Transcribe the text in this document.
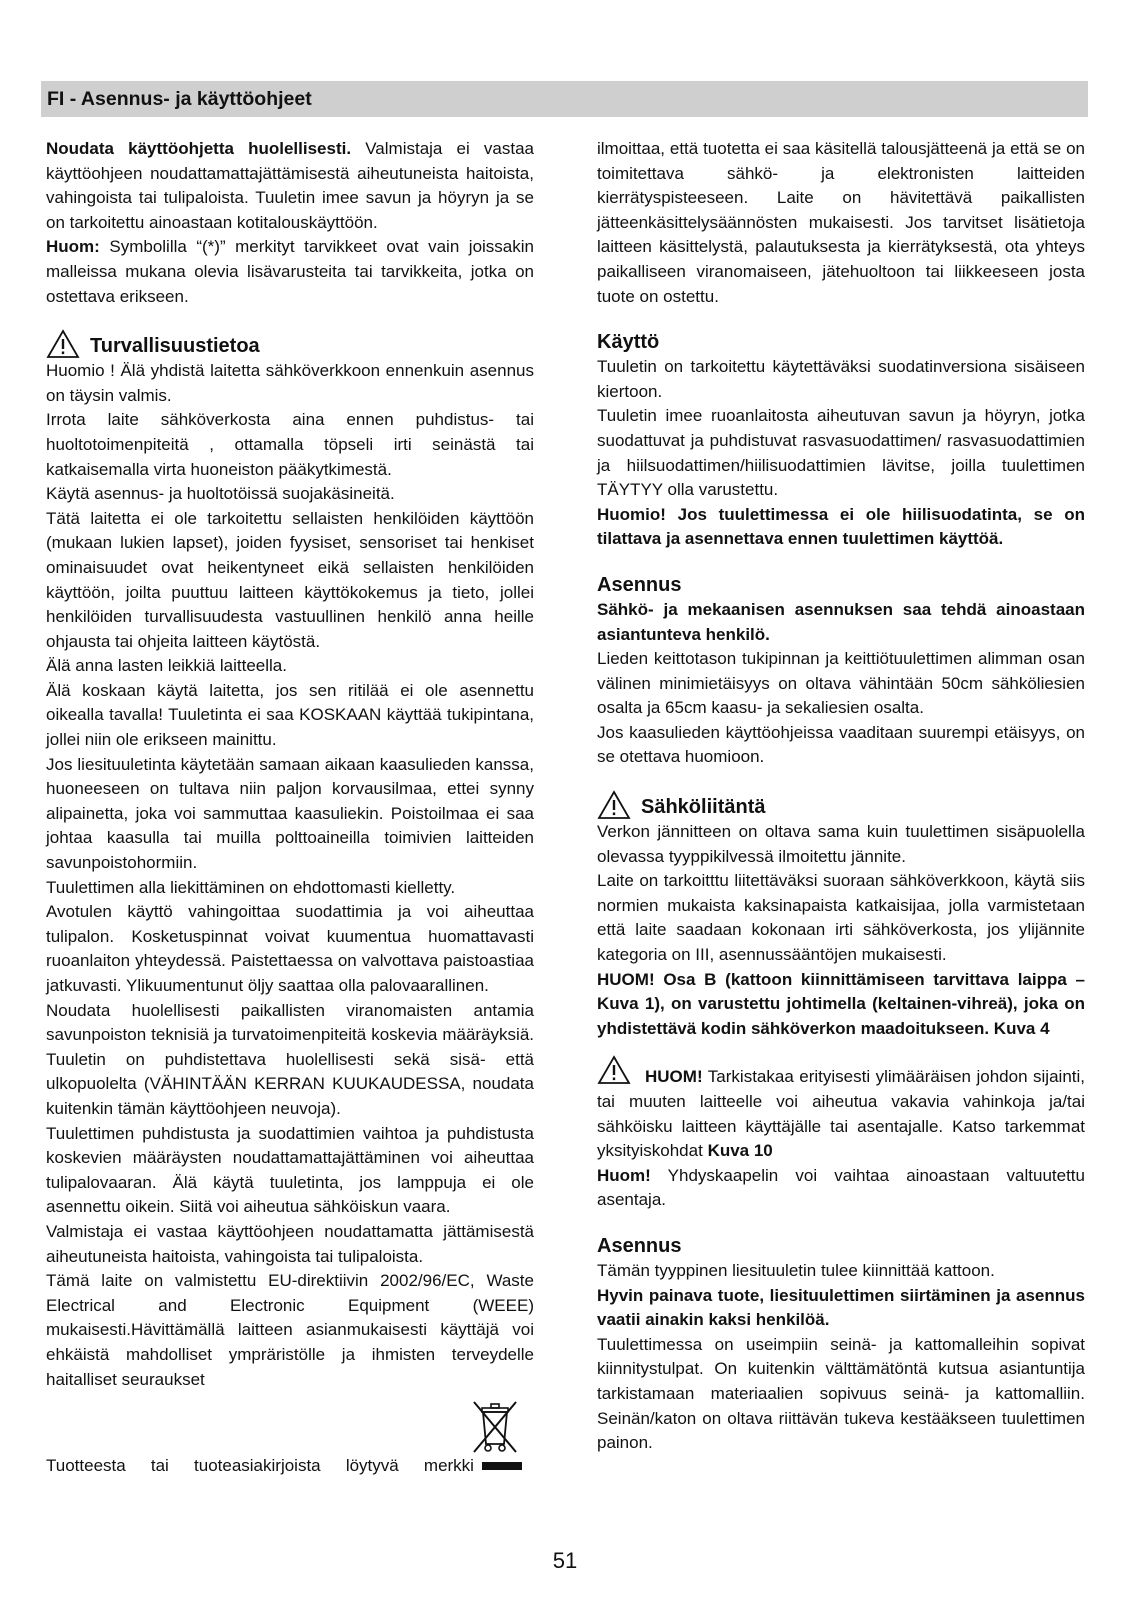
FI - Asennus- ja käyttöohjeet

Noudata käyttöohjetta huolellisesti. Valmistaja ei vastaa käyttöohjeen noudattamattajättämisestä aiheutuneista haitoista, vahingoista tai tulipaloista. Tuuletin imee savun ja höyryn ja se on tarkoitettu ainoastaan kotitalouskäyttöön.

Huom: Symbolilla “(*)” merkityt tarvikkeet ovat vain joissakin malleissa mukana olevia lisävarusteita tai tarvikkeita, jotka on ostettava erikseen.

Turvallisuustietoa

Huomio ! Älä yhdistä laitetta sähköverkkoon ennenkuin asennus on täysin valmis.

Irrota laite sähköverkosta aina ennen puhdistus- tai huoltotoimenpiteitä , ottamalla töpseli irti seinästä tai katkaisemalla virta huoneiston pääkytkimestä.

Käytä asennus- ja huoltotöissä suojakäsineitä.

Tätä laitetta ei ole tarkoitettu sellaisten henkilöiden käyttöön (mukaan lukien lapset), joiden fyysiset, sensoriset tai henkiset ominaisuudet ovat heikentyneet eikä sellaisten henkilöiden käyttöön, joilta puuttuu laitteen käyttökokemus ja tieto, jollei henkilöiden turvallisuudesta vastuullinen henkilö anna heille ohjausta tai ohjeita laitteen käytöstä.

Älä anna lasten leikkiä laitteella.

Älä koskaan käytä laitetta, jos sen ritilää ei ole asennettu oikealla tavalla! Tuuletinta ei saa KOSKAAN käyttää tukipintana, jollei niin ole erikseen mainittu.

Jos liesituuletinta käytetään samaan aikaan kaasulieden kanssa, huoneeseen on tultava niin paljon korvausilmaa, ettei synny alipainetta, joka voi sammuttaa kaasuliekin. Poistoilmaa ei saa johtaa kaasulla tai muilla polttoaineilla toimivien laitteiden savunpoistohormiin.

Tuulettimen alla liekittäminen on ehdottomasti kielletty.

Avotulen käyttö vahingoittaa suodattimia ja voi aiheuttaa tulipalon. Kosketuspinnat voivat kuumentua huomattavasti ruoanlaiton yhteydessä. Paistettaessa on valvottava paistoastiaa jatkuvasti. Ylikuumentunut öljy saattaa olla palovaarallinen.

Noudata huolellisesti paikallisten viranomaisten antamia savunpoiston teknisiä ja turvatoimenpiteitä koskevia määräyksiä. Tuuletin on puhdistettava huolellisesti sekä sisä- että ulkopuolelta (VÄHINTÄÄN KERRAN KUUKAUDESSA, noudata kuitenkin tämän käyttöohjeen neuvoja).

Tuulettimen puhdistusta ja suodattimien vaihtoa ja puhdistusta koskevien määräysten noudattamattajättäminen voi aiheuttaa tulipalovaaran. Älä käytä tuuletinta, jos lamppuja ei ole asennettu oikein. Siitä voi aiheutua sähköiskun vaara.

Valmistaja ei vastaa käyttöohjeen noudattamatta jättämisestä aiheutuneista haitoista, vahingoista tai tulipaloista.

Tämä laite on valmistettu EU-direktiivin 2002/96/EC, Waste Electrical and Electronic Equipment (WEEE) mukaisesti.Hävittämällä laitteen asianmukaisesti käyttäjä voi ehkäistä mahdolliset ympräristölle ja ihmisten terveydelle haitalliset seuraukset

Tuotteesta tai tuoteasiakirjoista löytyvä merkki

ilmoittaa, että tuotetta ei saa käsitellä talousjätteenä ja että se on toimitettava sähkö- ja elektronisten laitteiden kierrätyspisteeseen. Laite on hävitettävä paikallisten jätteenkäsittelysäännösten mukaisesti. Jos tarvitset lisätietoja laitteen käsittelystä, palautuksesta ja kierrätyksestä, ota yhteys paikalliseen viranomaiseen, jätehuoltoon tai liikkeeseen josta tuote on ostettu.

Käyttö

Tuuletin on tarkoitettu käytettäväksi suodatinversiona sisäiseen kiertoon.

Tuuletin imee ruoanlaitosta aiheutuvan savun ja höyryn, jotka suodattuvat ja puhdistuvat rasvasuodattimen/ rasvasuodattimien ja hiilsuodattimen/hiilisuodattimien lävitse, joilla tuulettimen TÄYTYY olla varustettu.

Huomio! Jos tuulettimessa ei ole hiilisuodatinta, se on tilattava ja asennettava ennen tuulettimen käyttöä.

Asennus

Sähkö- ja mekaanisen asennuksen saa tehdä ainoastaan asiantunteva henkilö.

Lieden keittotason tukipinnan ja keittiötuulettimen alimman osan välinen minimietäisyys on oltava vähintään 50cm sähköliesien osalta ja 65cm kaasu- ja sekaliesien osalta.

Jos kaasulieden käyttöohjeissa vaaditaan suurempi etäisyys, on se otettava huomioon.

Sähköliitäntä

Verkon jännitteen on oltava sama kuin tuulettimen sisäpuolella olevassa tyyppikilvessä ilmoitettu jännite.

Laite on tarkoitttu liitettäväksi suoraan sähköverkkoon, käytä siis normien mukaista kaksinapaista katkaisijaa, jolla varmistetaan että laite saadaan kokonaan irti sähköverkosta, jos ylijännite kategoria on III, asennussääntöjen mukaisesti.

HUOM! Osa B (kattoon kiinnittämiseen tarvittava laippa – Kuva 1), on varustettu johtimella (keltainen-vihreä), joka on yhdistettävä kodin sähköverkon maadoitukseen. Kuva 4

HUOM! Tarkistakaa erityisesti ylimääräisen johdon sijainti, tai muuten laitteelle voi aiheutua vakavia vahinkoja ja/tai sähköisku laitteen käyttäjälle tai asentajalle. Katso tarkemmat yksityiskohdat Kuva 10

Huom! Yhdyskaapelin voi vaihtaa ainoastaan valtuutettu asentaja.

Asennus

Tämän tyyppinen liesituuletin tulee kiinnittää kattoon.

Hyvin painava tuote, liesituulettimen siirtäminen ja asennus vaatii ainakin kaksi henkilöä.

Tuulettimessa on useimpiin seinä- ja kattomalleihin sopivat kiinnitystulpat. On kuitenkin välttämätöntä kutsua asiantuntija tarkistamaan materiaalien sopivuus seinä- ja kattomalliin. Seinän/katon on oltava riittävän tukeva kestääkseen tuulettimen painon.

51
